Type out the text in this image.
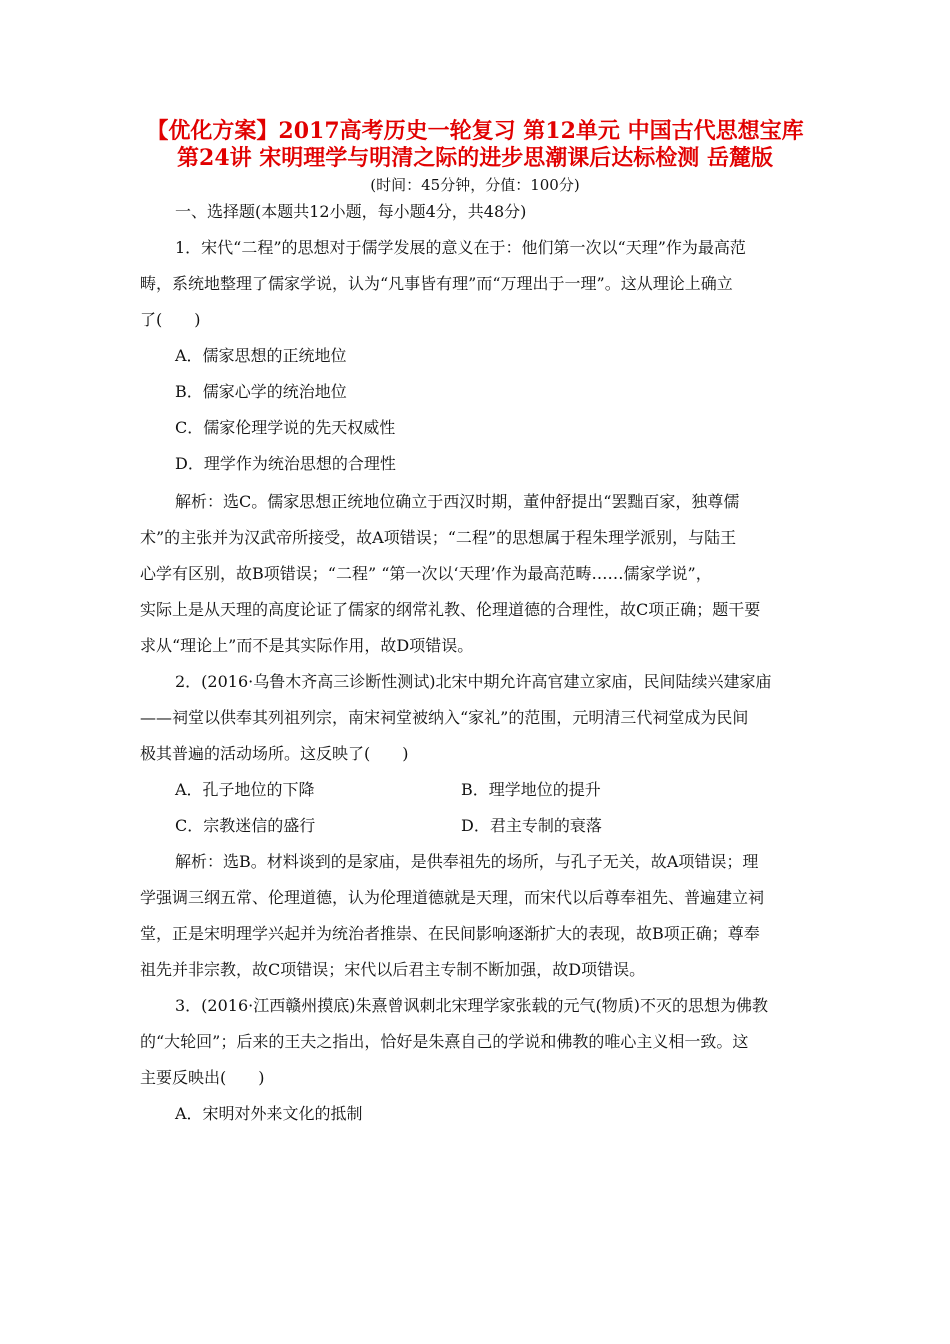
【优化方案】2017高考历史一轮复习 第12单元 中国古代思想宝库
第24讲 宋明理学与明清之际的进步思潮课后达标检测 岳麓版
(时间：45分钟，分值：100分)
一、选择题(本题共12小题，每小题4分，共48分)
1．宋代“二程”的思想对于儒学发展的意义在于：他们第一次以“天理”作为最高范
畴，系统地整理了儒家学说，认为“凡事皆有理”而“万理出于一理”。这从理论上确立
了(　　)
A．儒家思想的正统地位
B．儒家心学的统治地位
C．儒家伦理学说的先天权威性
D．理学作为统治思想的合理性
解析：选C。儒家思想正统地位确立于西汉时期，董仲舒提出“罢黜百家，独尊儒
术”的主张并为汉武帝所接受，故A项错误；“二程”的思想属于程朱理学派别，与陆王
心学有区别，故B项错误；“二程” “第一次以‘天理’作为最高范畴……儒家学说”，
实际上是从天理的高度论证了儒家的纲常礼教、伦理道德的合理性，故C项正确；题干要
求从“理论上”而不是其实际作用，故D项错误。
2．(2016·乌鲁木齐高三诊断性测试)北宋中期允许高官建立家庙，民间陆续兴建家庙
——祠堂以供奉其列祖列宗，南宋祠堂被纳入“家礼”的范围，元明清三代祠堂成为民间
极其普遍的活动场所。这反映了(　　)
A．孔子地位的下降	B．理学地位的提升
C．宗教迷信的盛行	D．君主专制的衰落
解析：选B。材料谈到的是家庙，是供奉祖先的场所，与孔子无关，故A项错误；理
学强调三纲五常、伦理道德，认为伦理道德就是天理，而宋代以后尊奉祖先、普遍建立祠
堂，正是宋明理学兴起并为统治者推崇、在民间影响逐渐扩大的表现，故B项正确；尊奉
祖先并非宗教，故C项错误；宋代以后君主专制不断加强，故D项错误。
3．(2016·江西赣州摸底)朱熹曾讽刺北宋理学家张载的元气(物质)不灭的思想为佛教
的“大轮回”；后来的王夫之指出，恰好是朱熹自己的学说和佛教的唯心主义相一致。这
主要反映出(　　)
A．宋明对外来文化的抵制
